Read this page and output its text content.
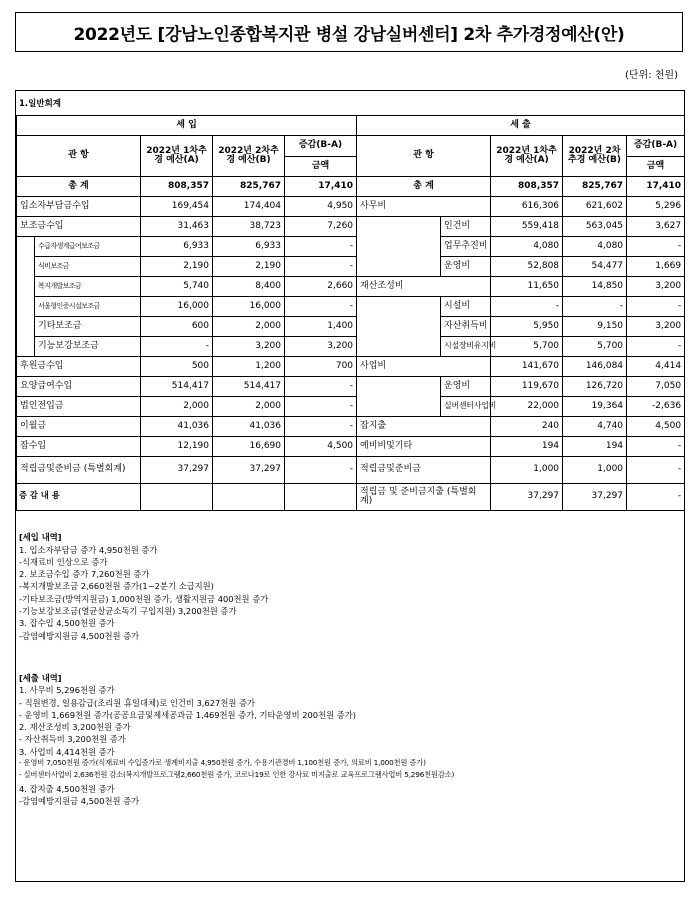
2022년도 [강남노인종합복지관 병설 강남실버센터] 2차 추가경정예산(안)
(단위: 천원)
1.일반회계
세 입					세 출				
관 항		2022년 1차추경 예산(A)	2022년 2차추경 예산(B)	증감(B-A)	관 항		2022년 1차추경 예산(A)	2022년 2차추경 예산(B)	증감(B-A)
				금액					금액
총 계		808,357	825,767	17,410	총 계		808,357	825,767	17,410
입소자부담금수입		169,454	174,404	4,950	사무비		616,306	621,602	5,296
보조금수입		31,463	38,723	7,260		인건비	559,418	563,045	3,627
	수급자생계급여보조금	6,933	6,933	-		업무추진비	4,080	4,080	-
	식비보조금	2,190	2,190	-		운영비	52,808	54,477	1,669
	복지개발보조금	5,740	8,400	2,660	재산조성비		11,650	14,850	3,200
	서울형인증시설보조금	16,000	16,000	-		시설비	-	-	-
	기타보조금	600	2,000	1,400		자산취득비	5,950	9,150	3,200
	기능보강보조금	-	3,200	3,200		시설장비유지비	5,700	5,700	-
후원금수입		500	1,200	700	사업비		141,670	146,084	4,414
요양급여수입		514,417	514,417	-		운영비	119,670	126,720	7,050
법인전입금		2,000	2,000	-		실버센터사업비	22,000	19,364	-2,636
이월금		41,036	41,036	-	잡지출		240	4,740	4,500
잡수입		12,190	16,690	4,500	예비비및기타		194	194	-
적립금및준비금 (특별회계)		37,297	37,297	-	적립금및준비금		1,000	1,000	-
					적립금 및 준비금지출 (특별회계)		37,297	37,297	-
증 감 내 용
[세입 내역]
1. 입소자부담금 증가 4,950천원 증가
-식재료비 인상으로 증가
2. 보조금수입 증가 7,260천원 증가
-복지개발보조금 2,660천원 증가(1~2분기 소급지원)
-기타보조금(방역지원금) 1,000천원 증가, 생활지원금 400천원 증가
-기능보강보조금(열균살균소독기 구입지원) 3,200천원 증가
3. 잡수입 4,500천원 증가
-감염예방지원금 4,500천원 증가
[세출 내역]
1. 사무비 5,296천원 증가
- 직원변경, 일용감급(조리원 휴일대체)로 인건비 3,627천원 증가
- 운영비 1,669천원 증가(공공요금및제세공과금 1,469천원 증가, 기타운영비 200천원 증가)
2. 재산조성비 3,200천원 증가
- 자산취득비 3,200천원 증가
3. 사업비 4,414천원 증가
- 운영비 7,050천원 증가(식재료비 수입증가로 생계비지출 4,950천원 증가, 수용기관경비 1,100천원 증가, 의료비 1,000천원 증가)
- 실버센터사업비 2,636천원 감소(복지개발프로그램2,660천원 증가, 코로나19로 인한 강사료 미지출로 교육프로그램사업비 5,296천원감소)
4. 잡지출 4,500천원 증가
-감염예방지원금 4,500천원 증가
